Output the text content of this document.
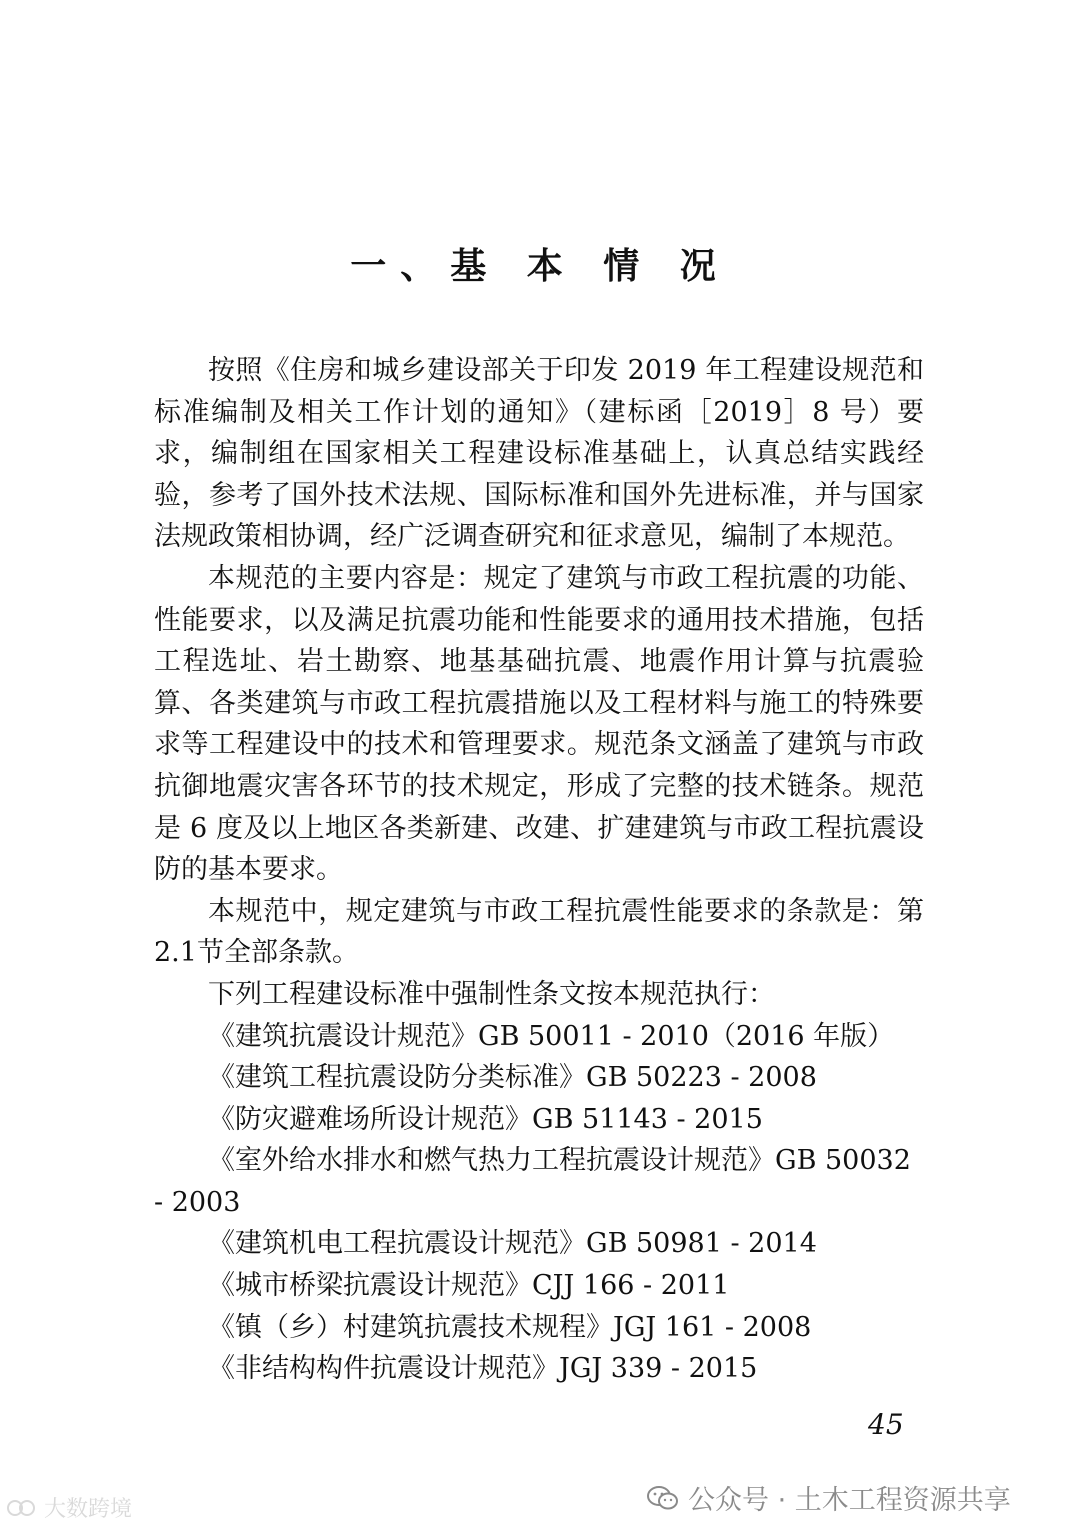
一、基 本 情 况

按照《住房和城乡建设部关于印发 2019 年工程建设规范和标准编制及相关工作计划的通知》（建标函［2019］8 号）要求，编制组在国家相关工程建设标准基础上，认真总结实践经验，参考了国外技术法规、国际标准和国外先进标准，并与国家法规政策相协调，经广泛调查研究和征求意见，编制了本规范。

本规范的主要内容是：规定了建筑与市政工程抗震的功能、性能要求，以及满足抗震功能和性能要求的通用技术措施，包括工程选址、岩土勘察、地基基础抗震、地震作用计算与抗震验算、各类建筑与市政工程抗震措施以及工程材料与施工的特殊要求等工程建设中的技术和管理要求。规范条文涵盖了建筑与市政抗御地震灾害各环节的技术规定，形成了完整的技术链条。规范是 6 度及以上地区各类新建、改建、扩建建筑与市政工程抗震设防的基本要求。

本规范中，规定建筑与市政工程抗震性能要求的条款是：第 2.1节全部条款。

下列工程建设标准中强制性条文按本规范执行：

《建筑抗震设计规范》GB 50011 - 2010（2016 年版）

《建筑工程抗震设防分类标准》GB 50223 - 2008

《防灾避难场所设计规范》GB 51143 - 2015

《室外给水排水和燃气热力工程抗震设计规范》GB 50032 - 2003

《建筑机电工程抗震设计规范》GB 50981 - 2014

《城市桥梁抗震设计规范》CJJ 166 - 2011

《镇（乡）村建筑抗震技术规程》JGJ 161 - 2008

《非结构构件抗震设计规范》JGJ 339 - 2015

45
大数跨境	公众号 · 土木工程资源共享
